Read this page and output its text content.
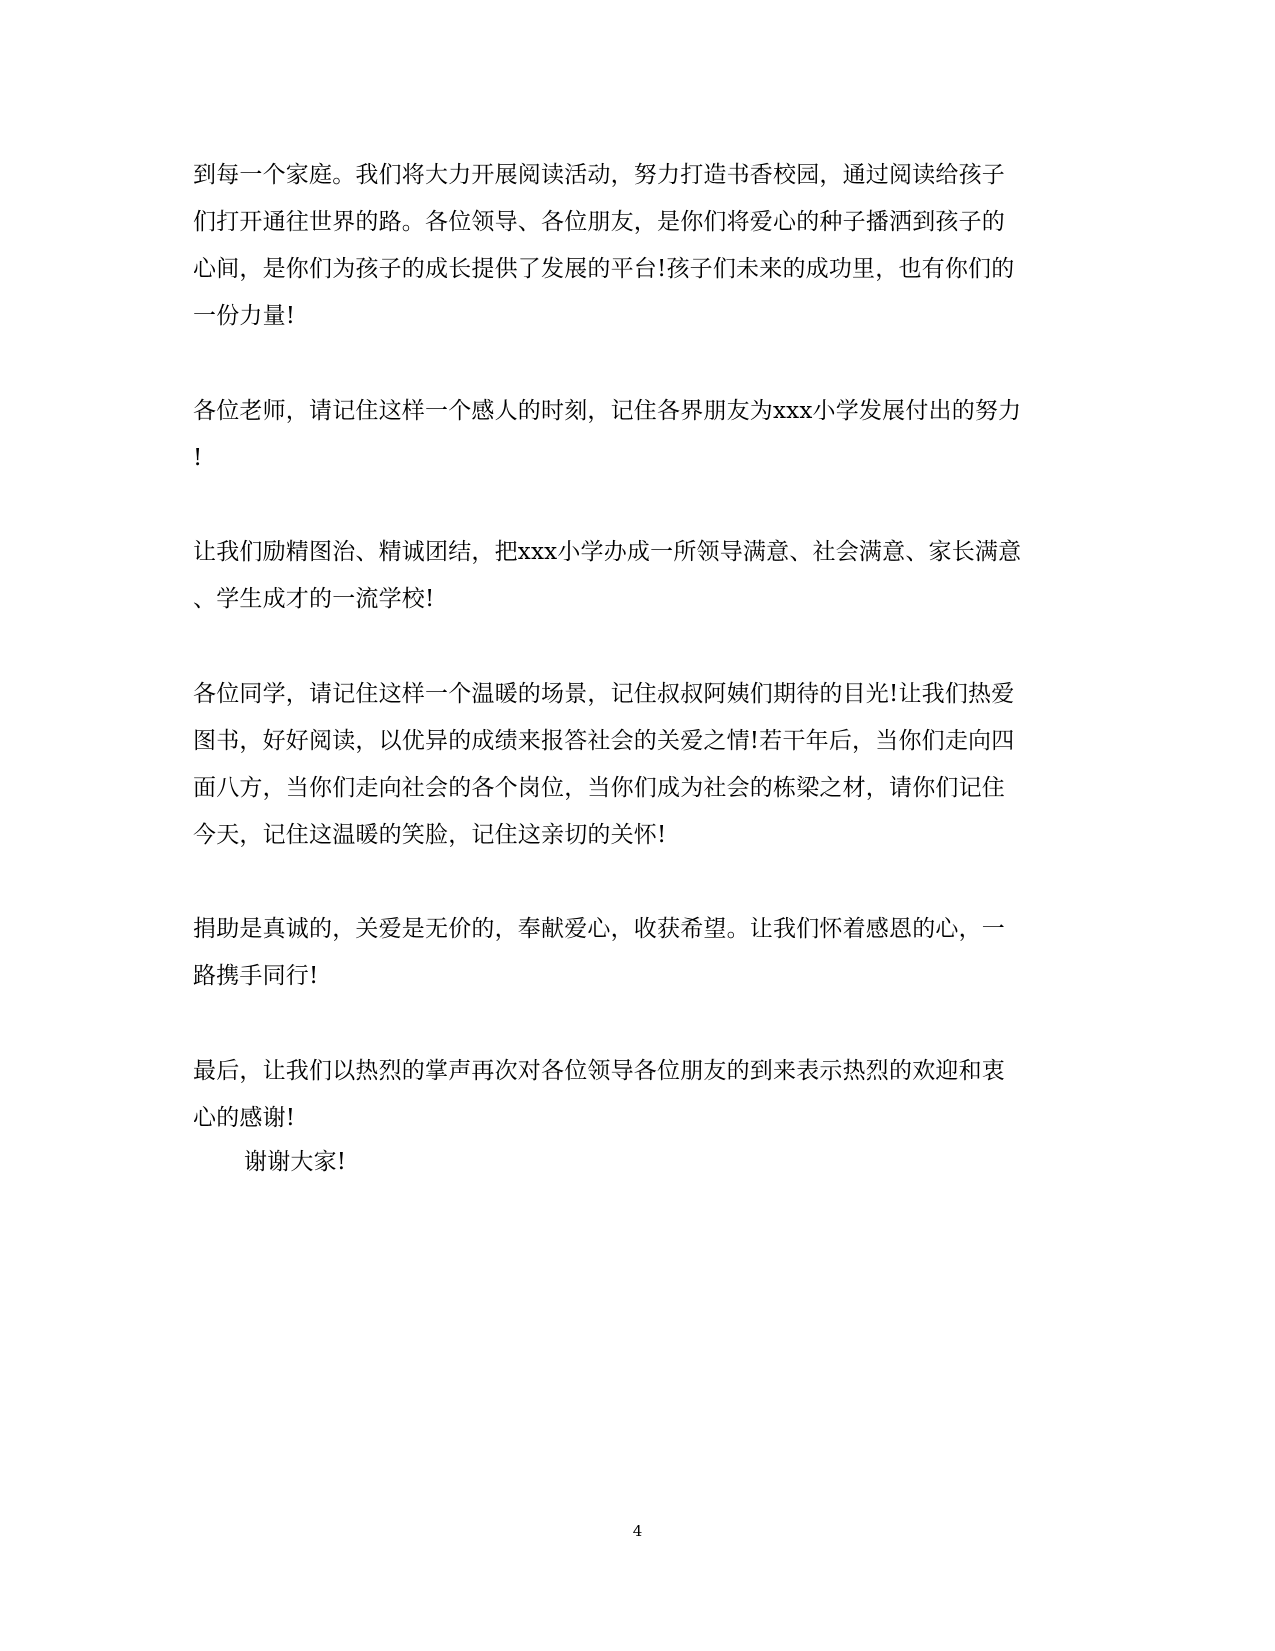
到每一个家庭。我们将大力开展阅读活动，努力打造书香校园，通过阅读给孩子
们打开通往世界的路。各位领导、各位朋友，是你们将爱心的种子播洒到孩子的
心间，是你们为孩子的成长提供了发展的平台!孩子们未来的成功里，也有你们的
一份力量!
各位老师，请记住这样一个感人的时刻，记住各界朋友为xxx小学发展付出的努力
!
让我们励精图治、精诚团结，把xxx小学办成一所领导满意、社会满意、家长满意
、学生成才的一流学校!
各位同学，请记住这样一个温暖的场景，记住叔叔阿姨们期待的目光!让我们热爱
图书，好好阅读，以优异的成绩来报答社会的关爱之情!若干年后，当你们走向四
面八方，当你们走向社会的各个岗位，当你们成为社会的栋梁之材，请你们记住
今天，记住这温暖的笑脸，记住这亲切的关怀!
捐助是真诚的，关爱是无价的，奉献爱心，收获希望。让我们怀着感恩的心，一
路携手同行!
最后，让我们以热烈的掌声再次对各位领导各位朋友的到来表示热烈的欢迎和衷
心的感谢!
谢谢大家!
4
